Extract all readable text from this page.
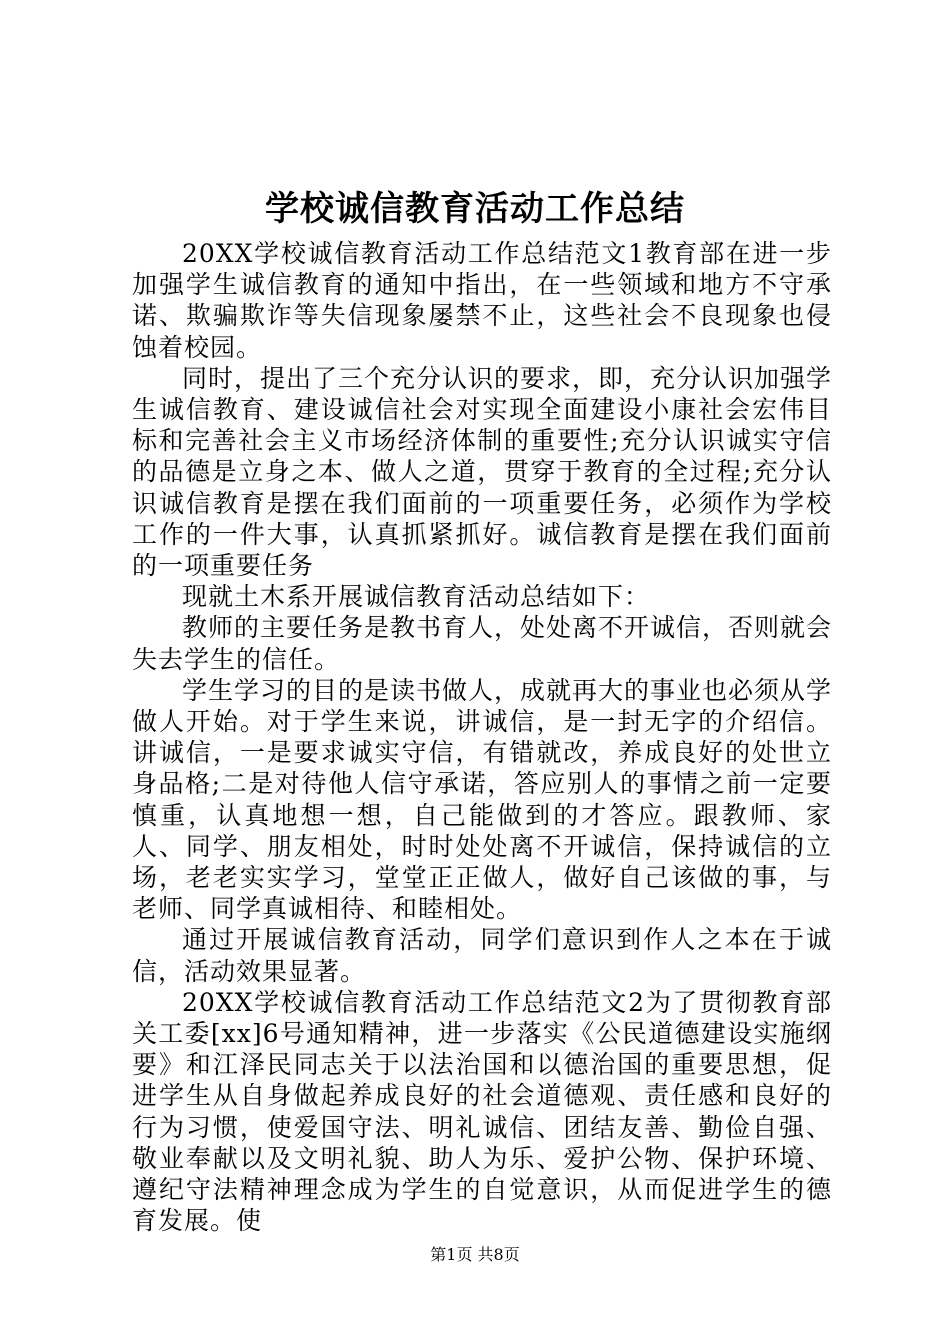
学校诚信教育活动工作总结

20XX学校诚信教育活动工作总结范文1教育部在进一步加强学生诚信教育的通知中指出，在一些领域和地方不守承诺、欺骗欺诈等失信现象屡禁不止，这些社会不良现象也侵蚀着校园。

同时，提出了三个充分认识的要求，即，充分认识加强学生诚信教育、建设诚信社会对实现全面建设小康社会宏伟目标和完善社会主义市场经济体制的重要性;充分认识诚实守信的品德是立身之本、做人之道，贯穿于教育的全过程;充分认识诚信教育是摆在我们面前的一项重要任务，必须作为学校工作的一件大事，认真抓紧抓好。诚信教育是摆在我们面前的一项重要任务

现就土木系开展诚信教育活动总结如下：

教师的主要任务是教书育人，处处离不开诚信，否则就会失去学生的信任。

学生学习的目的是读书做人，成就再大的事业也必须从学做人开始。对于学生来说，讲诚信，是一封无字的介绍信。讲诚信，一是要求诚实守信，有错就改，养成良好的处世立身品格;二是对待他人信守承诺，答应别人的事情之前一定要慎重，认真地想一想，自己能做到的才答应。跟教师、家人、同学、朋友相处，时时处处离不开诚信，保持诚信的立场，老老实实学习，堂堂正正做人，做好自己该做的事，与老师、同学真诚相待、和睦相处。

通过开展诚信教育活动，同学们意识到作人之本在于诚信，活动效果显著。

20XX学校诚信教育活动工作总结范文2为了贯彻教育部关工委[xx]6号通知精神，进一步落实《公民道德建设实施纲要》和江泽民同志关于以法治国和以德治国的重要思想，促进学生从自身做起养成良好的社会道德观、责任感和良好的行为习惯，使爱国守法、明礼诚信、团结友善、勤俭自强、敬业奉献以及文明礼貌、助人为乐、爱护公物、保护环境、遵纪守法精神理念成为学生的自觉意识，从而促进学生的德育发展。使

第1页 共8页
